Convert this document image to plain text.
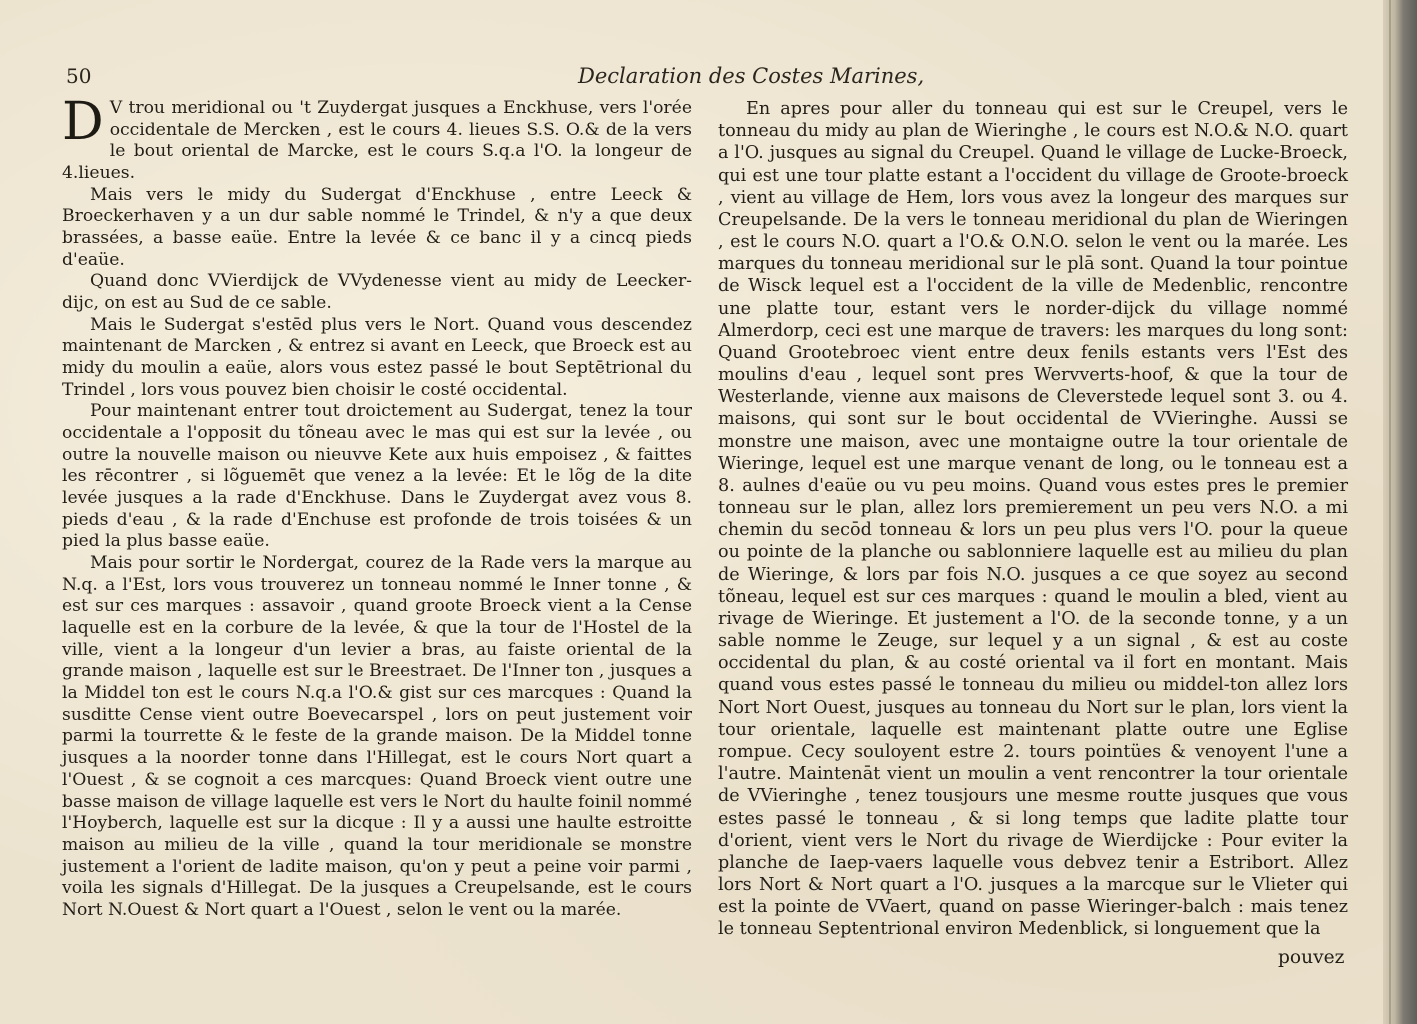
50	Declaration des Costes Marines,

D V trou meridional ou 't Zuydergat jusques a Enckhuse, vers l'orée occidentale de Mercken , est le cours 4. lieues S.S. O.& de la vers le bout oriental de Marcke, est le cours S.q.a l'O. la longeur de 4.lieues.

Mais vers le midy du Sudergat d'Enckhuse , entre Leeck & Broeckerhaven y a un dur sable nommé le Trindel, & n'y a que deux brassées, a basse eaüe. Entre la levée & ce banc il y a cincq pieds d'eaüe.

Quand donc VVierdijck de VVydenesse vient au midy de Leecker-dijc, on est au Sud de ce sable.

Mais le Sudergat s'estēd plus vers le Nort. Quand vous descendez maintenant de Marcken , & entrez si avant en Leeck, que Broeck est au midy du moulin a eaüe, alors vous estez passé le bout Septētrional du Trindel , lors vous pouvez bien choisir le costé occidental.

Pour maintenant entrer tout droictement au Sudergat, tenez la tour occidentale a l'opposit du tõneau avec le mas qui est sur la levée , ou outre la nouvelle maison ou nieuvve Kete aux huis empoisez , & faittes les rēcontrer , si lõguemēt que venez a la levée: Et le lõg de la dite levée jusques a la rade d'Enckhuse. Dans le Zuydergat avez vous 8. pieds d'eau , & la rade d'Enchuse est profonde de trois toisées & un pied la plus basse eaüe.

Mais pour sortir le Nordergat, courez de la Rade vers la marque au N.q. a l'Est, lors vous trouverez un tonneau nommé le Inner tonne , & est sur ces marques : assavoir , quand groote Broeck vient a la Cense laquelle est en la corbure de la levée, & que la tour de l'Hostel de la ville, vient a la longeur d'un levier a bras, au faiste oriental de la grande maison , laquelle est sur le Breestraet. De l'Inner ton , jusques a la Middel ton est le cours N.q.a l'O.& gist sur ces marcques : Quand la susditte Cense vient outre Boevecarspel , lors on peut justement voir parmi la tourrette & le feste de la grande maison. De la Middel tonne jusques a la noorder tonne dans l'Hillegat, est le cours Nort quart a l'Ouest , & se cognoit a ces marcques: Quand Broeck vient outre une basse maison de village laquelle est vers le Nort du haulte foinil nommé l'Hoyberch, laquelle est sur la dicque : Il y a aussi une haulte estroitte maison au milieu de la ville , quand la tour meridionale se monstre justement a l'orient de ladite maison, qu'on y peut a peine voir parmi , voila les signals d'Hillegat. De la jusques a Creupelsande, est le cours Nort N.Ouest & Nort quart a l'Ouest , selon le vent ou la marée.

En apres pour aller du tonneau qui est sur le Creupel, vers le tonneau du midy au plan de Wieringhe , le cours est N.O.& N.O. quart a l'O. jusques au signal du Creupel. Quand le village de Lucke-Broeck, qui est une tour platte estant a l'occident du village de Groote-broeck , vient au village de Hem, lors vous avez la longeur des marques sur Creupelsande. De la vers le tonneau meridional du plan de Wieringen , est le cours N.O. quart a l'O.& O.N.O. selon le vent ou la marée. Les marques du tonneau meridional sur le plā sont. Quand la tour pointue de Wisck lequel est a l'occident de la ville de Medenblic, rencontre une platte tour, estant vers le norder-dijck du village nommé Almerdorp, ceci est une marque de travers: les marques du long sont: Quand Grootebroec vient entre deux fenils estants vers l'Est des moulins d'eau , lequel sont pres Wervverts-hoof, & que la tour de Westerlande, vienne aux maisons de Cleverstede lequel sont 3. ou 4. maisons, qui sont sur le bout occidental de VVieringhe. Aussi se monstre une maison, avec une montaigne outre la tour orientale de Wieringe, lequel est une marque venant de long, ou le tonneau est a 8. aulnes d'eaüe ou vu peu moins. Quand vous estes pres le premier tonneau sur le plan, allez lors premierement un peu vers N.O. a mi chemin du secōd tonneau & lors un peu plus vers l'O. pour la queue ou pointe de la planche ou sablonniere laquelle est au milieu du plan de Wieringe, & lors par fois N.O. jusques a ce que soyez au second tõneau, lequel est sur ces marques : quand le moulin a bled, vient au rivage de Wieringe. Et justement a l'O. de la seconde tonne, y a un sable nomme le Zeuge, sur lequel y a un signal , & est au coste occidental du plan, & au costé oriental va il fort en montant. Mais quand vous estes passé le tonneau du milieu ou middel-ton allez lors Nort Nort Ouest, jusques au tonneau du Nort sur le plan, lors vient la tour orientale, laquelle est maintenant platte outre une Eglise rompue. Cecy souloyent estre 2. tours pointües & venoyent l'une a l'autre. Maintenāt vient un moulin a vent rencontrer la tour orientale de VVieringhe , tenez tousjours une mesme routte jusques que vous estes passé le tonneau , & si long temps que ladite platte tour d'orient, vient vers le Nort du rivage de Wierdijcke : Pour eviter la planche de Iaep-vaers laquelle vous debvez tenir a Estribort. Allez lors Nort & Nort quart a l'O. jusques a la marcque sur le Vlieter qui est la pointe de VVaert, quand on passe Wieringer-balch : mais tenez le tonneau Septentrional environ Medenblick, si longuement que la

pouvez
